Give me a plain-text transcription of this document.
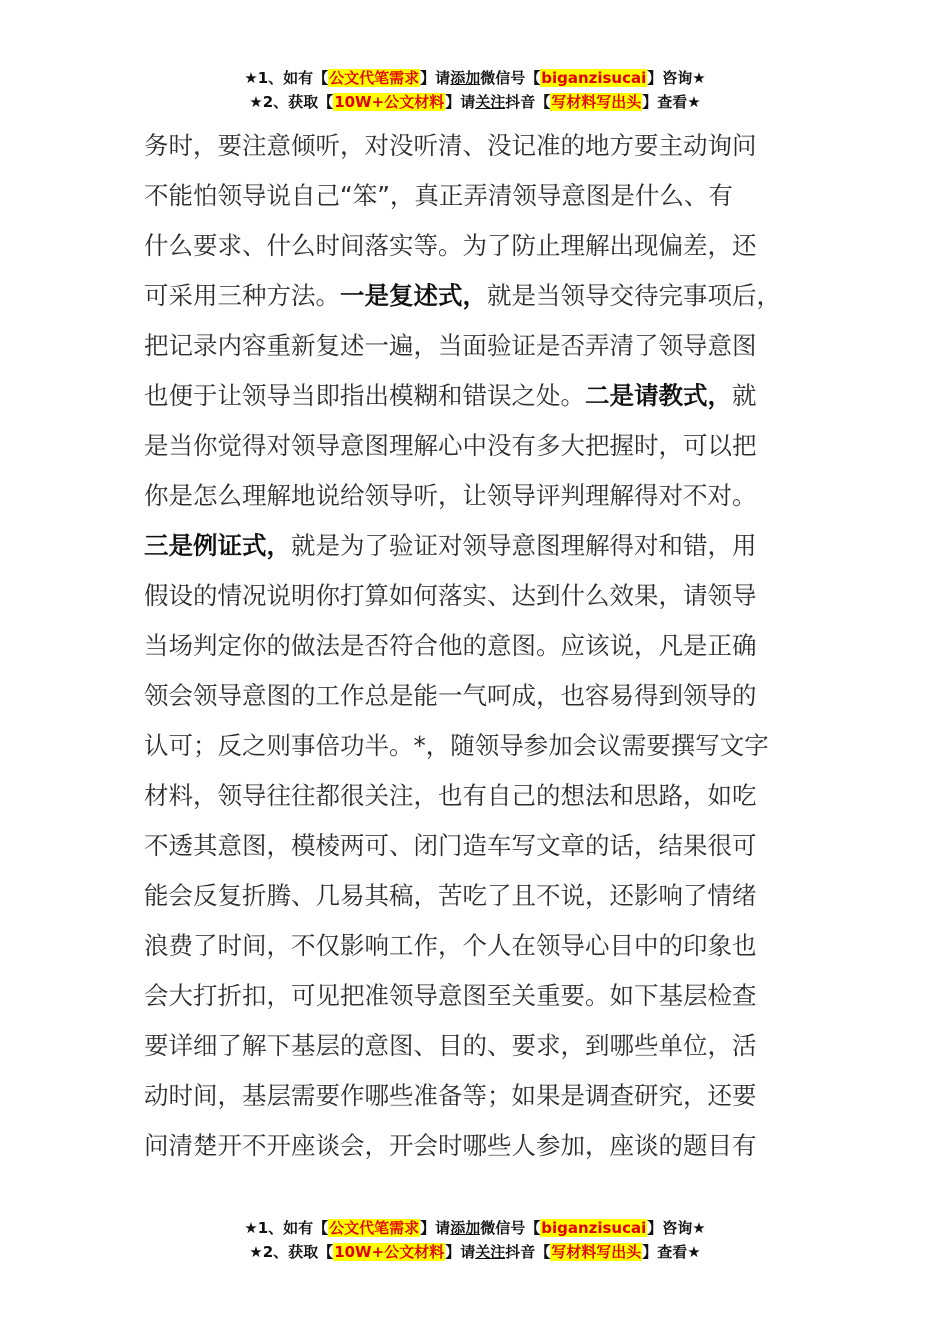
★1、如有【公文代笔需求】请添加微信号【biganzisucai】咨询★
★2、获取【10W+公文材料】请关注抖音【写材料写出头】查看★
务时，要注意倾听，对没听清、没记准的地方要主动询问
不能怕领导说自己“笨”，真正弄清领导意图是什么、有
什么要求、什么时间落实等。为了防止理解出现偏差，还
可采用三种方法。一是复述式，就是当领导交待完事项后，
把记录内容重新复述一遍，当面验证是否弄清了领导意图
也便于让领导当即指出模糊和错误之处。二是请教式，就
是当你觉得对领导意图理解心中没有多大把握时，可以把
你是怎么理解地说给领导听，让领导评判理解得对不对。
三是例证式，就是为了验证对领导意图理解得对和错，用
假设的情况说明你打算如何落实、达到什么效果，请领导
当场判定你的做法是否符合他的意图。应该说，凡是正确
领会领导意图的工作总是能一气呵成，也容易得到领导的
认可；反之则事倍功半。*，随领导参加会议需要撰写文字
材料，领导往往都很关注，也有自己的想法和思路，如吃
不透其意图，模棱两可、闭门造车写文章的话，结果很可
能会反复折腾、几易其稿，苦吃了且不说，还影响了情绪
浪费了时间，不仅影响工作，个人在领导心目中的印象也
会大打折扣，可见把准领导意图至关重要。如下基层检查
要详细了解下基层的意图、目的、要求，到哪些单位，活
动时间，基层需要作哪些准备等；如果是调查研究，还要
问清楚开不开座谈会，开会时哪些人参加，座谈的题目有
★1、如有【公文代笔需求】请添加微信号【biganzisucai】咨询★
★2、获取【10W+公文材料】请关注抖音【写材料写出头】查看★
